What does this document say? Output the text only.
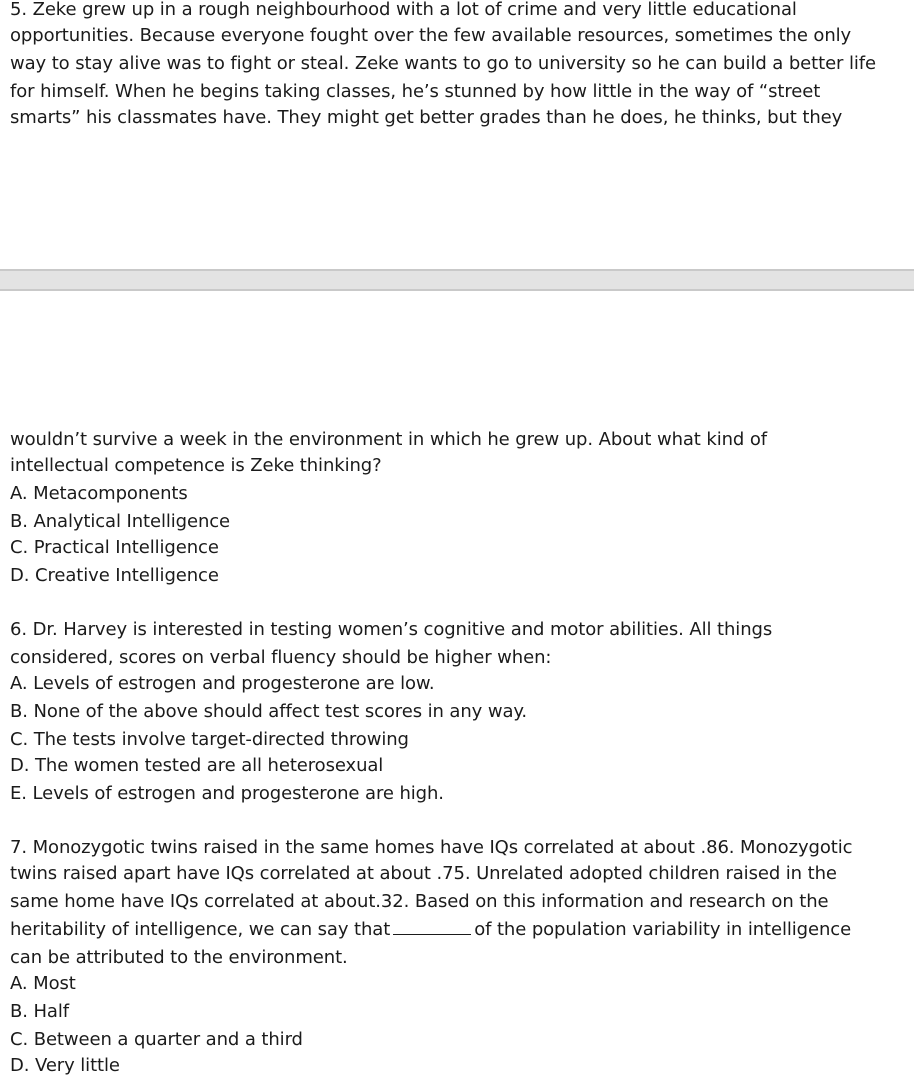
5. Zeke grew up in a rough neighbourhood with a lot of crime and very little educational
opportunities. Because everyone fought over the few available resources, sometimes the only
way to stay alive was to fight or steal. Zeke wants to go to university so he can build a better life
for himself. When he begins taking classes, he’s stunned by how little in the way of “street
smarts” his classmates have. They might get better grades than he does, he thinks, but they
wouldn’t survive a week in the environment in which he grew up. About what kind of
intellectual competence is Zeke thinking?
A. Metacomponents
B. Analytical Intelligence
C. Practical Intelligence
D. Creative Intelligence
6. Dr. Harvey is interested in testing women’s cognitive and motor abilities. All things
considered, scores on verbal fluency should be higher when:
A. Levels of estrogen and progesterone are low.
B. None of the above should affect test scores in any way.
C. The tests involve target-directed throwing
D. The women tested are all heterosexual
E. Levels of estrogen and progesterone are high.
7. Monozygotic twins raised in the same homes have IQs correlated at about .86. Monozygotic
twins raised apart have IQs correlated at about .75. Unrelated adopted children raised in the
same home have IQs correlated at about.32. Based on this information and research on the
heritability of intelligence, we can say that	of the population variability in intelligence
can be attributed to the environment.
A. Most
B. Half
C. Between a quarter and a third
D. Very little
